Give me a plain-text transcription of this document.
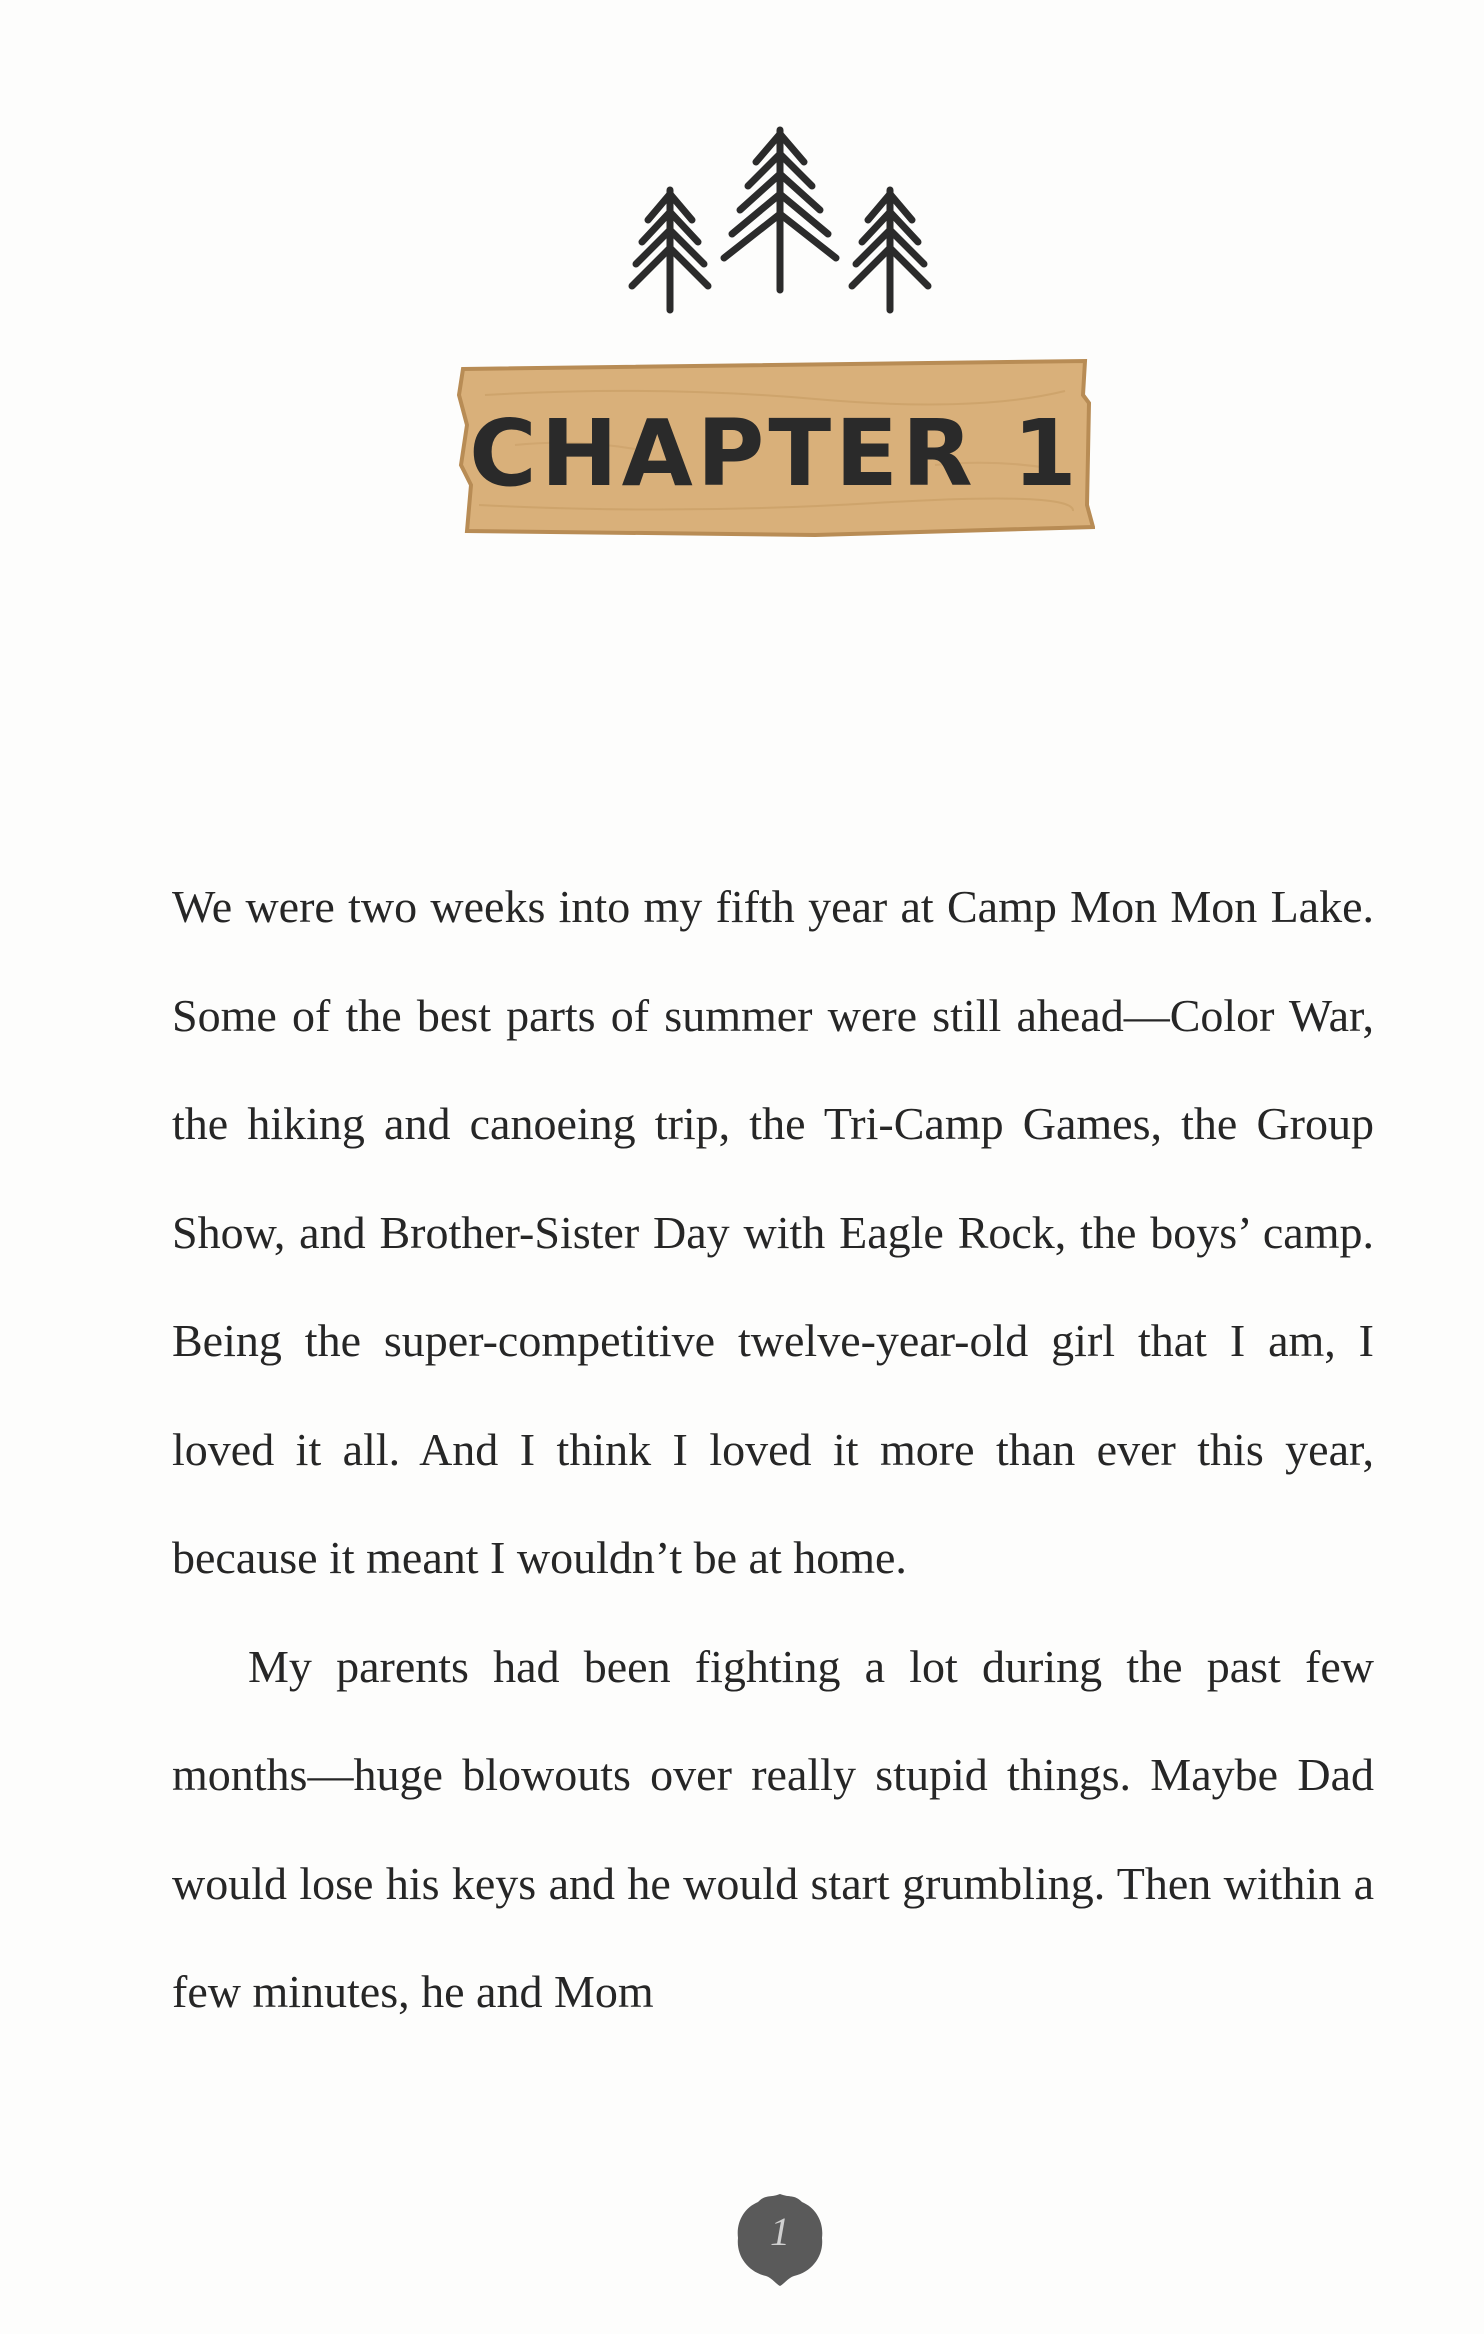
CHAPTER 1

We were two weeks into my fifth year at Camp Mon Mon Lake. Some of the best parts of summer were still ahead—Color War, the hiking and canoeing trip, the Tri-Camp Games, the Group Show, and Brother-Sister Day with Eagle Rock, the boys’ camp. Being the super-competitive twelve-year-old girl that I am, I loved it all. And I think I loved it more than ever this year, because it meant I wouldn’t be at home.

My parents had been fighting a lot during the past few months—huge blowouts over really stupid things. Maybe Dad would lose his keys and he would start grumbling. Then within a few minutes, he and Mom

1
